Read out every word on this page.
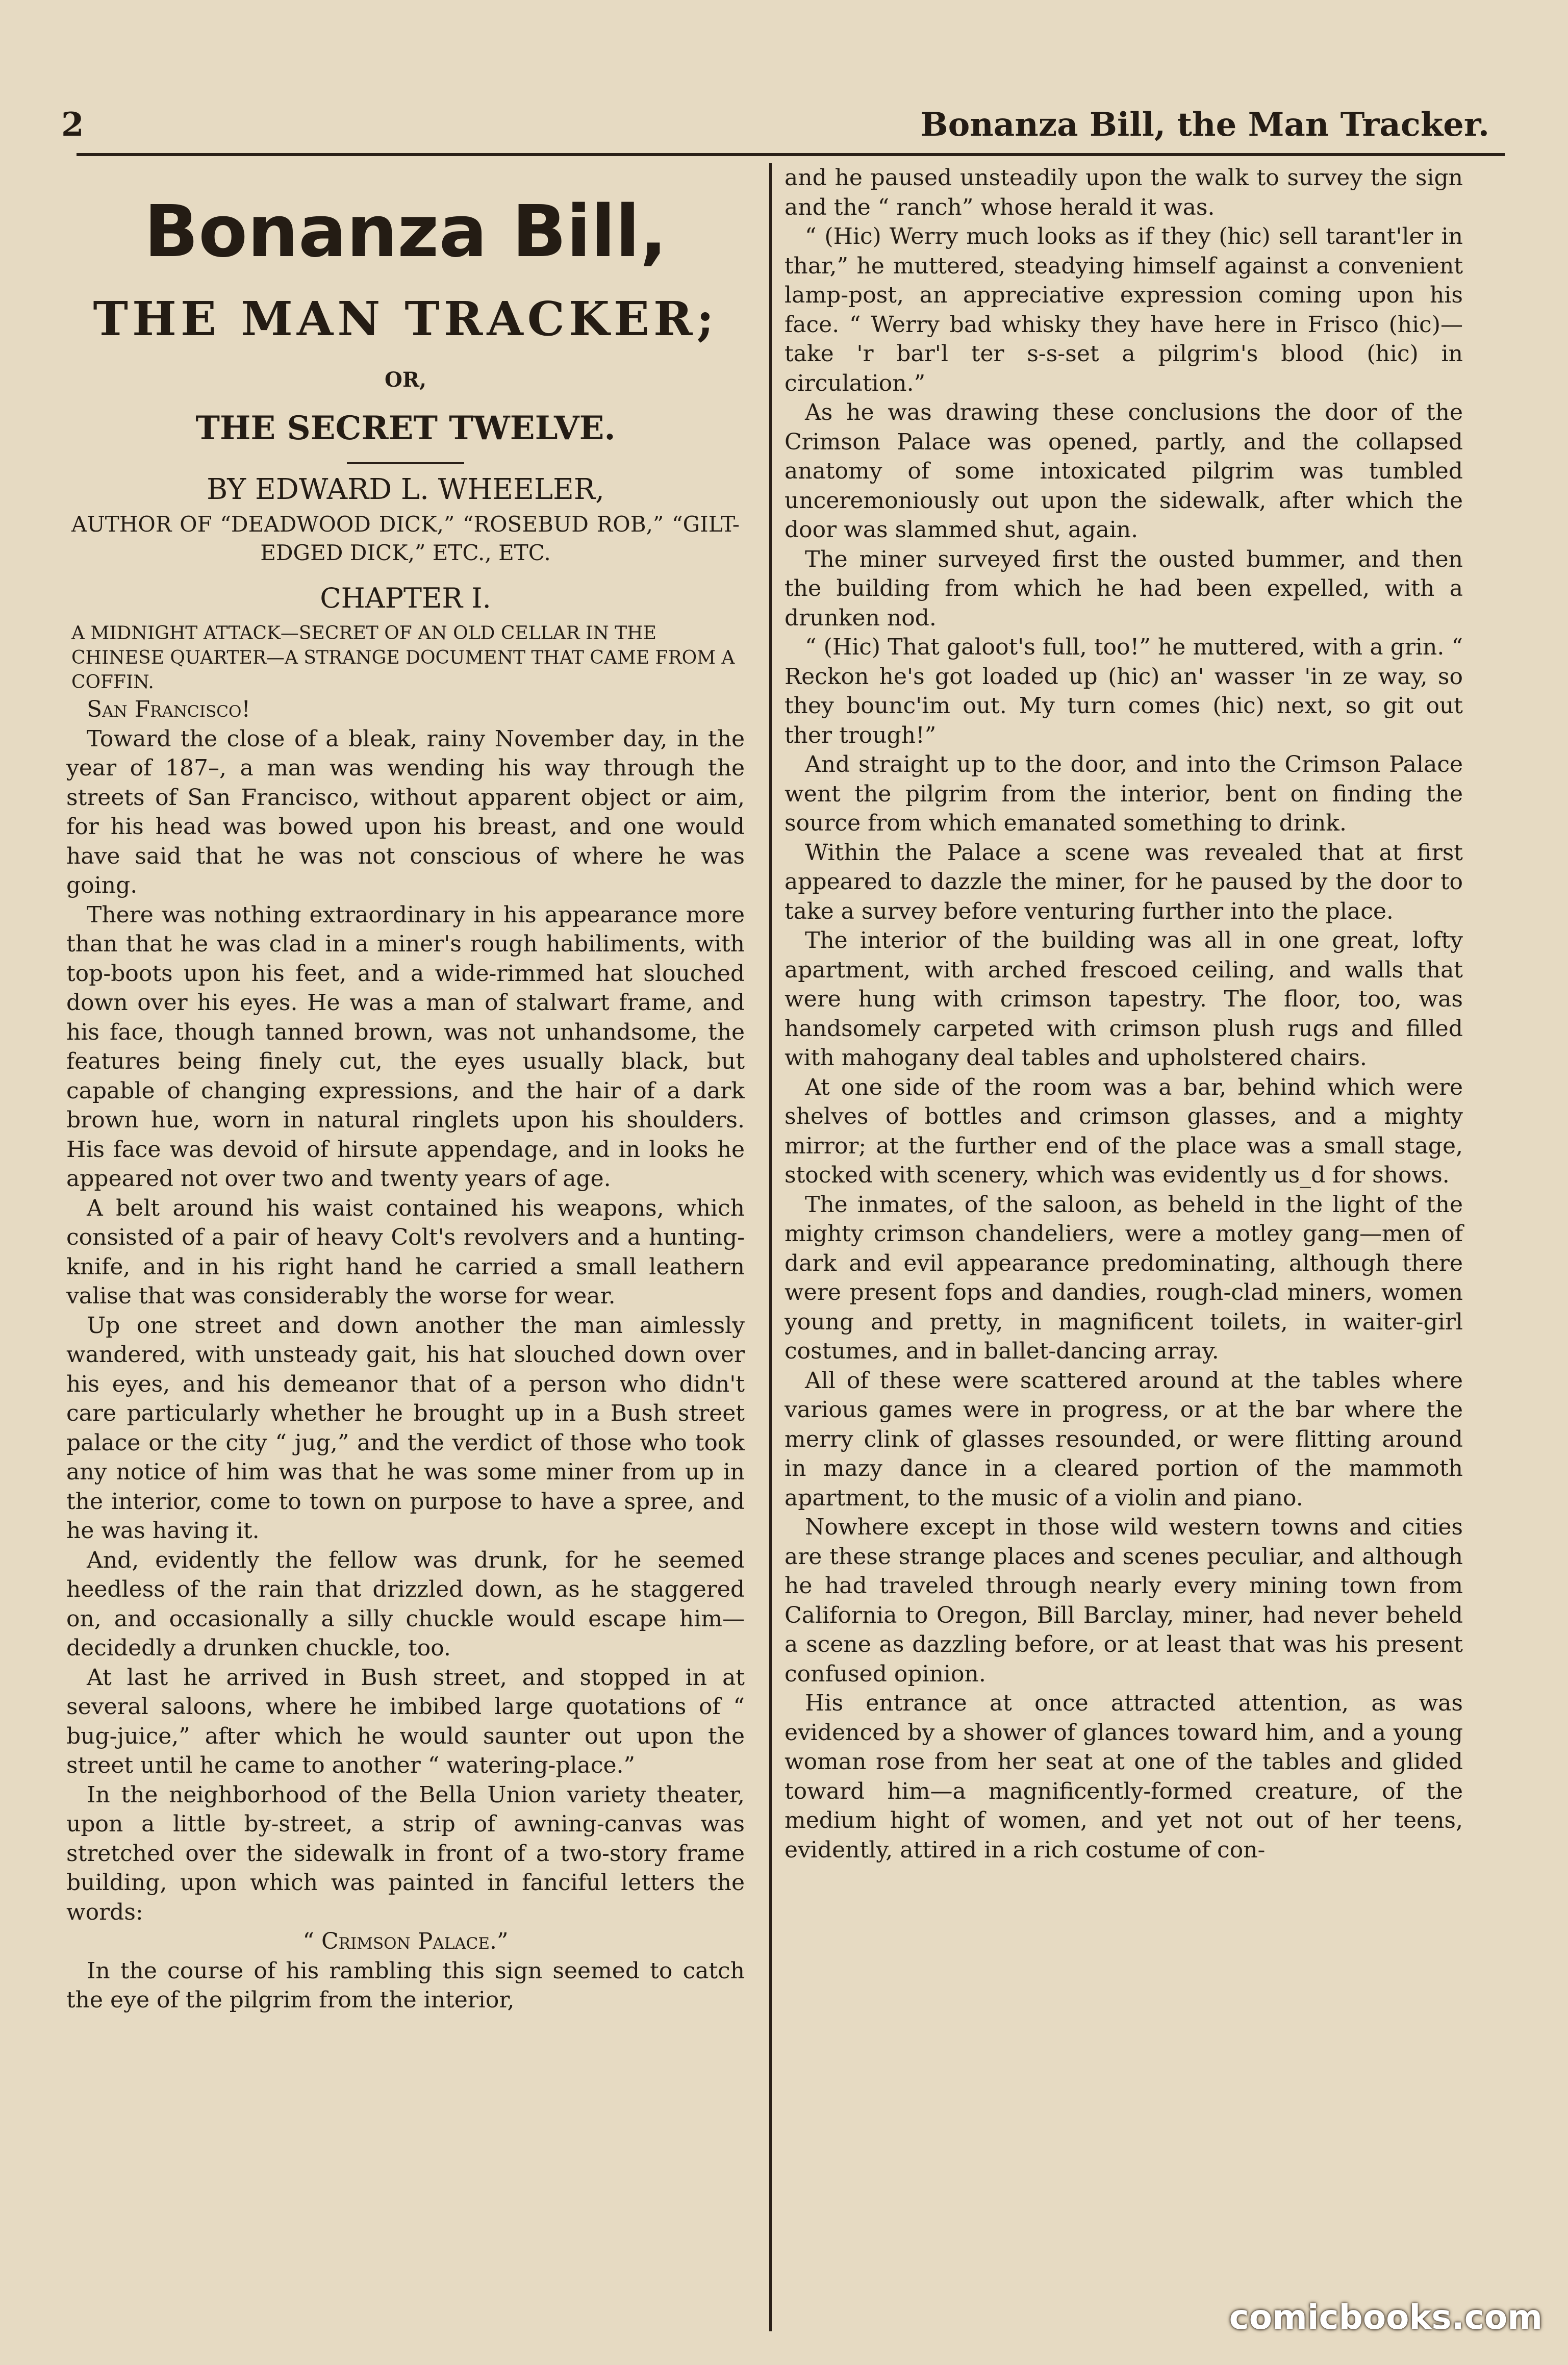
2	Bonanza Bill, the Man Tracker.
Bonanza Bill,
THE MAN TRACKER;
OR,
THE SECRET TWELVE.
BY EDWARD L. WHEELER,
AUTHOR OF “DEADWOOD DICK,” “ROSEBUD ROB,” “GILT-EDGED DICK,” ETC., ETC.
CHAPTER I.
A MIDNIGHT ATTACK—SECRET OF AN OLD CELLAR IN THE CHINESE QUARTER—A STRANGE DOCUMENT THAT CAME FROM A COFFIN.

San Francisco!

Toward the close of a bleak, rainy November day, in the year of 187–, a man was wending his way through the streets of San Francisco, without apparent object or aim, for his head was bowed upon his breast, and one would have said that he was not conscious of where he was going.

There was nothing extraordinary in his appearance more than that he was clad in a miner's rough habiliments, with top-boots upon his feet, and a wide-rimmed hat slouched down over his eyes. He was a man of stalwart frame, and his face, though tanned brown, was not unhandsome, the features being finely cut, the eyes usually black, but capable of changing expressions, and the hair of a dark brown hue, worn in natural ringlets upon his shoulders. His face was devoid of hirsute appendage, and in looks he appeared not over two and twenty years of age.

A belt around his waist contained his weapons, which consisted of a pair of heavy Colt's revolvers and a hunting-knife, and in his right hand he carried a small leathern valise that was considerably the worse for wear.

Up one street and down another the man aimlessly wandered, with unsteady gait, his hat slouched down over his eyes, and his demeanor that of a person who didn't care particularly whether he brought up in a Bush street palace or the city “ jug,” and the verdict of those who took any notice of him was that he was some miner from up in the interior, come to town on purpose to have a spree, and he was having it.

And, evidently the fellow was drunk, for he seemed heedless of the rain that drizzled down, as he staggered on, and occasionally a silly chuckle would escape him—decidedly a drunken chuckle, too.

At last he arrived in Bush street, and stopped in at several saloons, where he imbibed large quotations of “ bug-juice,” after which he would saunter out upon the street until he came to another “ watering-place.”

In the neighborhood of the Bella Union variety theater, upon a little by-street, a strip of awning-canvas was stretched over the sidewalk in front of a two-story frame building, upon which was painted in fanciful letters the words:

“ Crimson Palace.”

In the course of his rambling this sign seemed to catch the eye of the pilgrim from the interior,

and he paused unsteadily upon the walk to survey the sign and the “ ranch” whose herald it was.

“ (Hic) Werry much looks as if they (hic) sell tarant'ler in thar,” he muttered, steadying himself against a convenient lamp-post, an appreciative expression coming upon his face. “ Werry bad whisky they have here in Frisco (hic)—take 'r bar'l ter s-s-set a pilgrim's blood (hic) in circulation.”

As he was drawing these conclusions the door of the Crimson Palace was opened, partly, and the collapsed anatomy of some intoxicated pilgrim was tumbled unceremoniously out upon the sidewalk, after which the door was slammed shut, again.

The miner surveyed first the ousted bummer, and then the building from which he had been expelled, with a drunken nod.

“ (Hic) That galoot's full, too!” he muttered, with a grin. “ Reckon he's got loaded up (hic) an' wasser 'in ze way, so they bounc'im out. My turn comes (hic) next, so git out ther trough!”

And straight up to the door, and into the Crimson Palace went the pilgrim from the interior, bent on finding the source from which emanated something to drink.

Within the Palace a scene was revealed that at first appeared to dazzle the miner, for he paused by the door to take a survey before venturing further into the place.

The interior of the building was all in one great, lofty apartment, with arched frescoed ceiling, and walls that were hung with crimson tapestry. The floor, too, was handsomely carpeted with crimson plush rugs and filled with mahogany deal tables and upholstered chairs.

At one side of the room was a bar, behind which were shelves of bottles and crimson glasses, and a mighty mirror; at the further end of the place was a small stage, stocked with scenery, which was evidently us_d for shows.

The inmates, of the saloon, as beheld in the light of the mighty crimson chandeliers, were a motley gang—men of dark and evil appearance predominating, although there were present fops and dandies, rough-clad miners, women young and pretty, in magnificent toilets, in waiter-girl costumes, and in ballet-dancing array.

All of these were scattered around at the tables where various games were in progress, or at the bar where the merry clink of glasses resounded, or were flitting around in mazy dance in a cleared portion of the mammoth apartment, to the music of a violin and piano.

Nowhere except in those wild western towns and cities are these strange places and scenes peculiar, and although he had traveled through nearly every mining town from California to Oregon, Bill Barclay, miner, had never beheld a scene as dazzling before, or at least that was his present confused opinion.

His entrance at once attracted attention, as was evidenced by a shower of glances toward him, and a young woman rose from her seat at one of the tables and glided toward him—a magnificently-formed creature, of the medium hight of women, and yet not out of her teens, evidently, attired in a rich costume of con-

comicbooks.com
